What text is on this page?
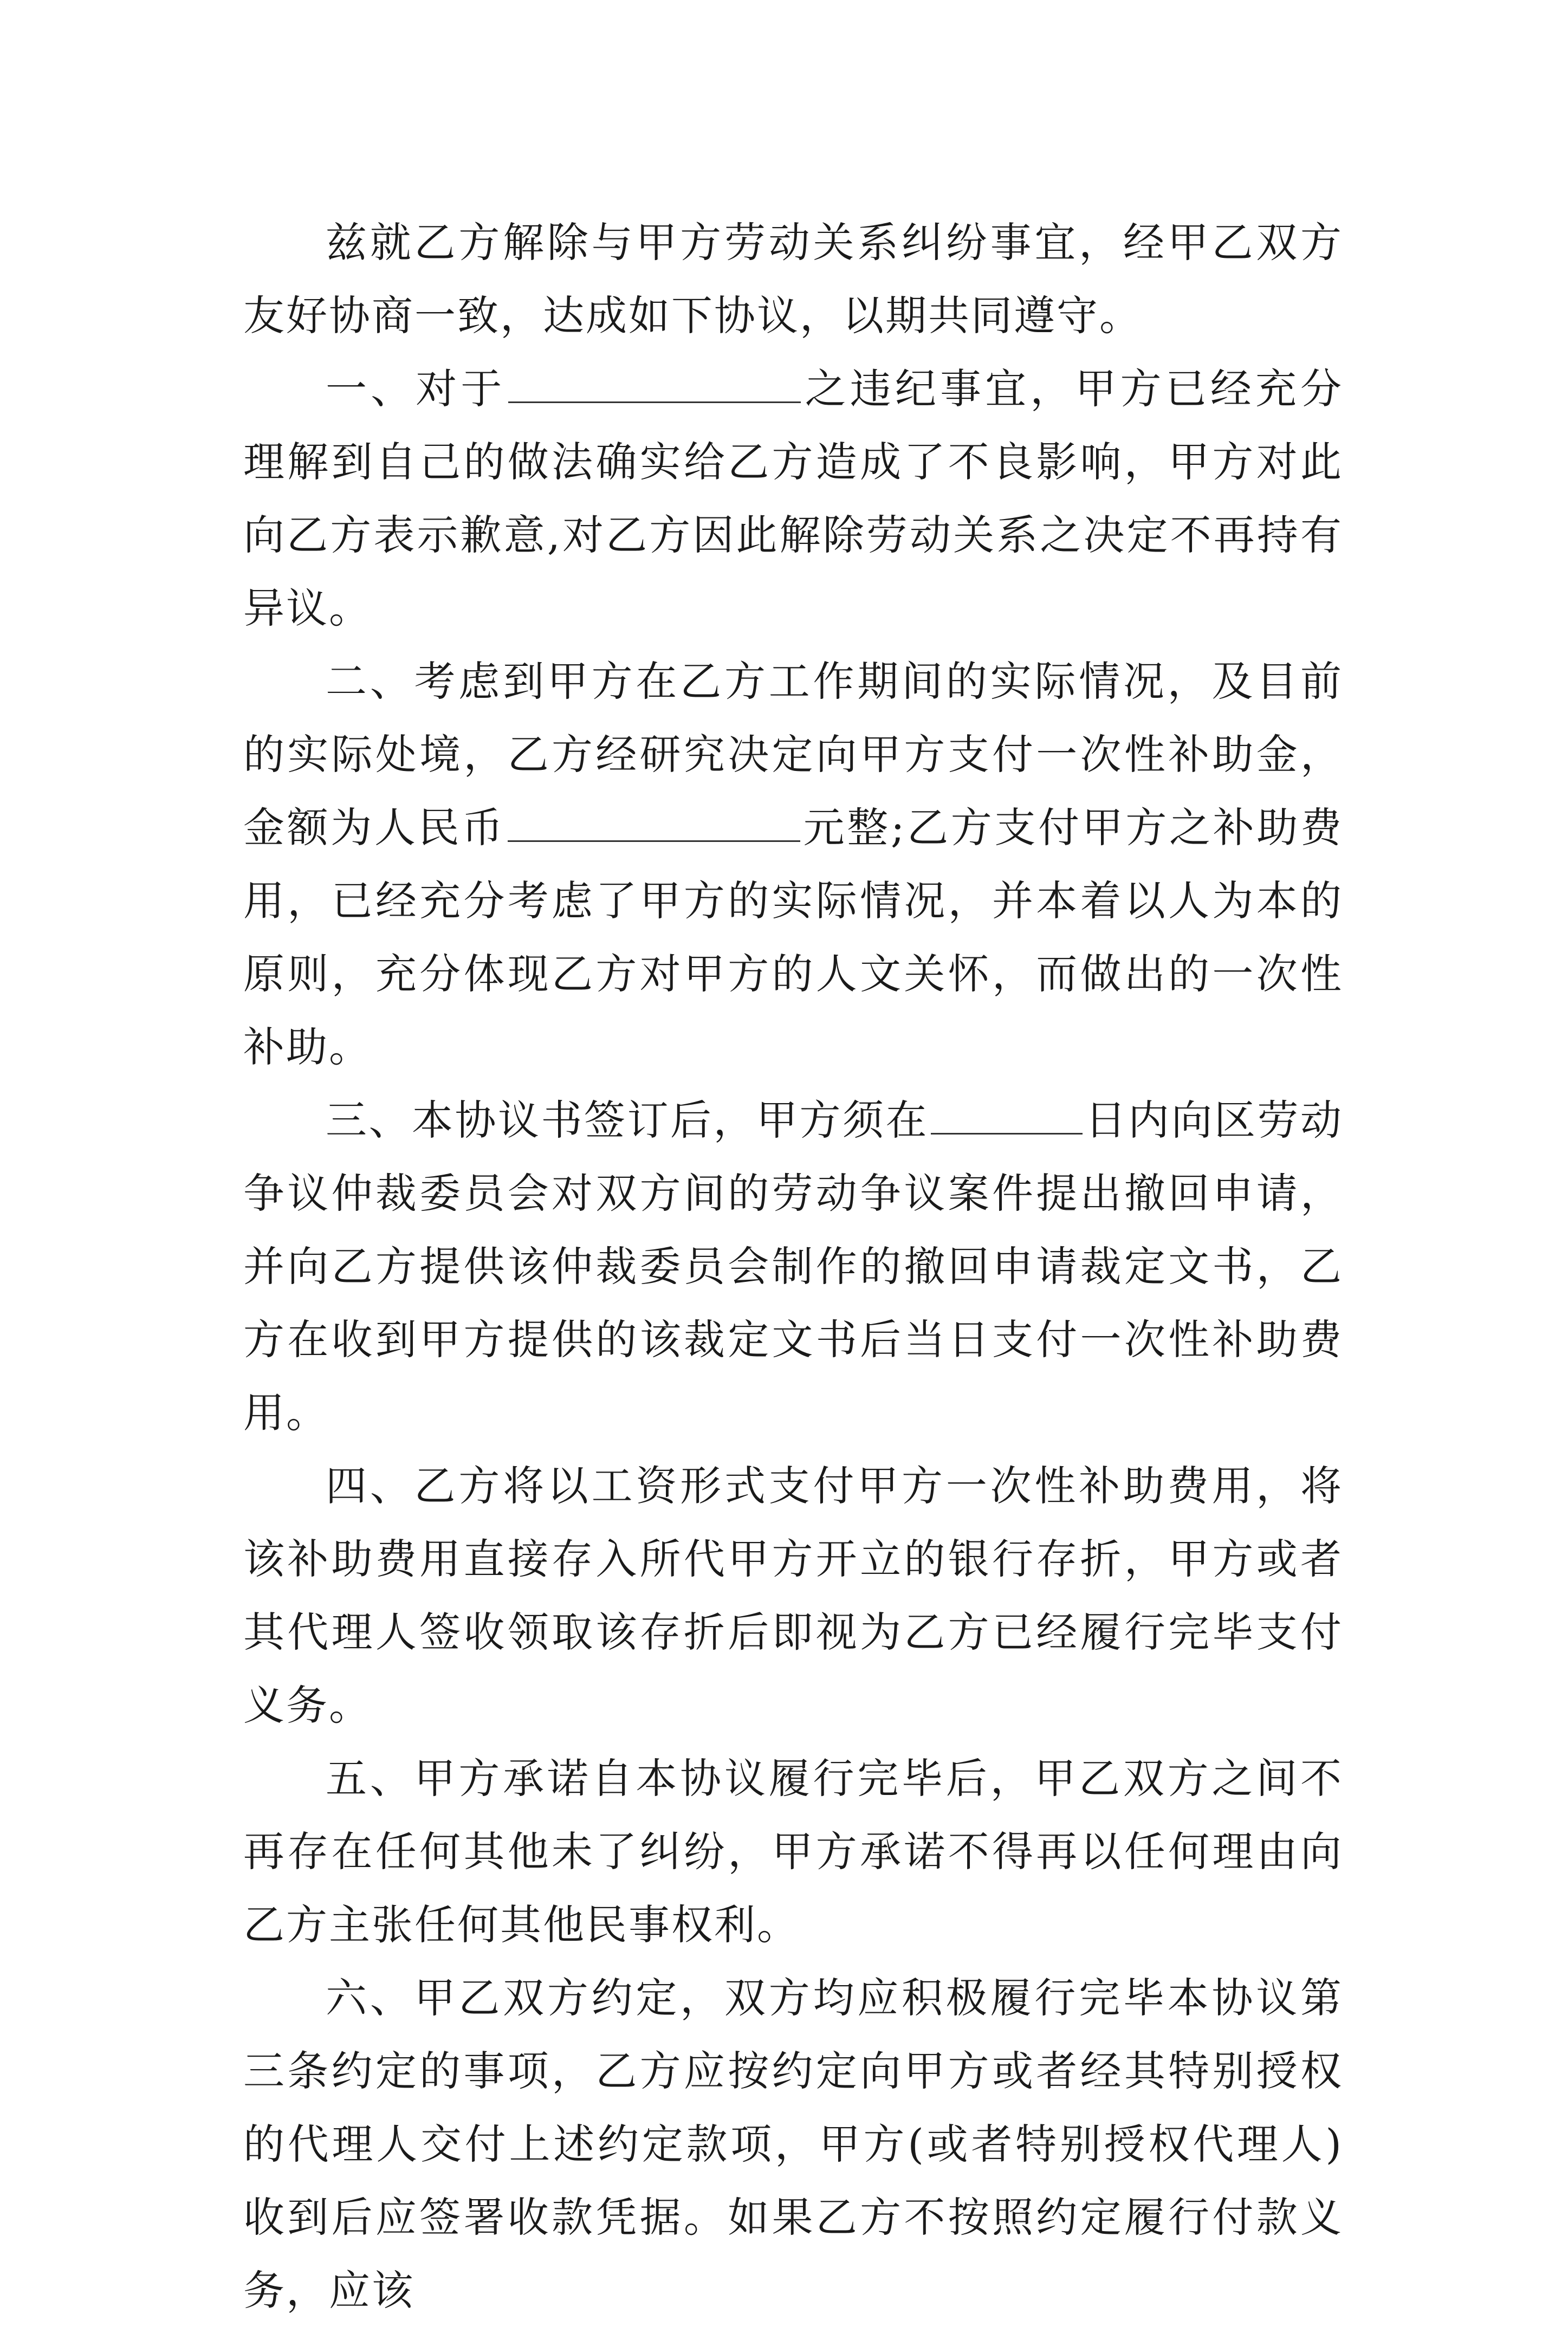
兹就乙方解除与甲方劳动关系纠纷事宜，经甲乙双方友好协商一致，达成如下协议，以期共同遵守。

一、对于	之违纪事宜，甲方已经充分理解到自己的做法确实给乙方造成了不良影响，甲方对此向乙方表示歉意,对乙方因此解除劳动关系之决定不再持有异议。

二、考虑到甲方在乙方工作期间的实际情况，及目前的实际处境，乙方经研究决定向甲方支付一次性补助金，金额为人民币	元整;乙方支付甲方之补助费用，已经充分考虑了甲方的实际情况，并本着以人为本的原则，充分体现乙方对甲方的人文关怀，而做出的一次性补助。

三、本协议书签订后，甲方须在	日内向区劳动争议仲裁委员会对双方间的劳动争议案件提出撤回申请，并向乙方提供该仲裁委员会制作的撤回申请裁定文书，乙方在收到甲方提供的该裁定文书后当日支付一次性补助费用。

四、乙方将以工资形式支付甲方一次性补助费用，将该补助费用直接存入所代甲方开立的银行存折，甲方或者其代理人签收领取该存折后即视为乙方已经履行完毕支付义务。

五、甲方承诺自本协议履行完毕后，甲乙双方之间不再存在任何其他未了纠纷，甲方承诺不得再以任何理由向乙方主张任何其他民事权利。

六、甲乙双方约定，双方均应积极履行完毕本协议第三条约定的事项，乙方应按约定向甲方或者经其特别授权的代理人交付上述约定款项，甲方(或者特别授权代理人)收到后应签署收款凭据。如果乙方不按照约定履行付款义务，应该
